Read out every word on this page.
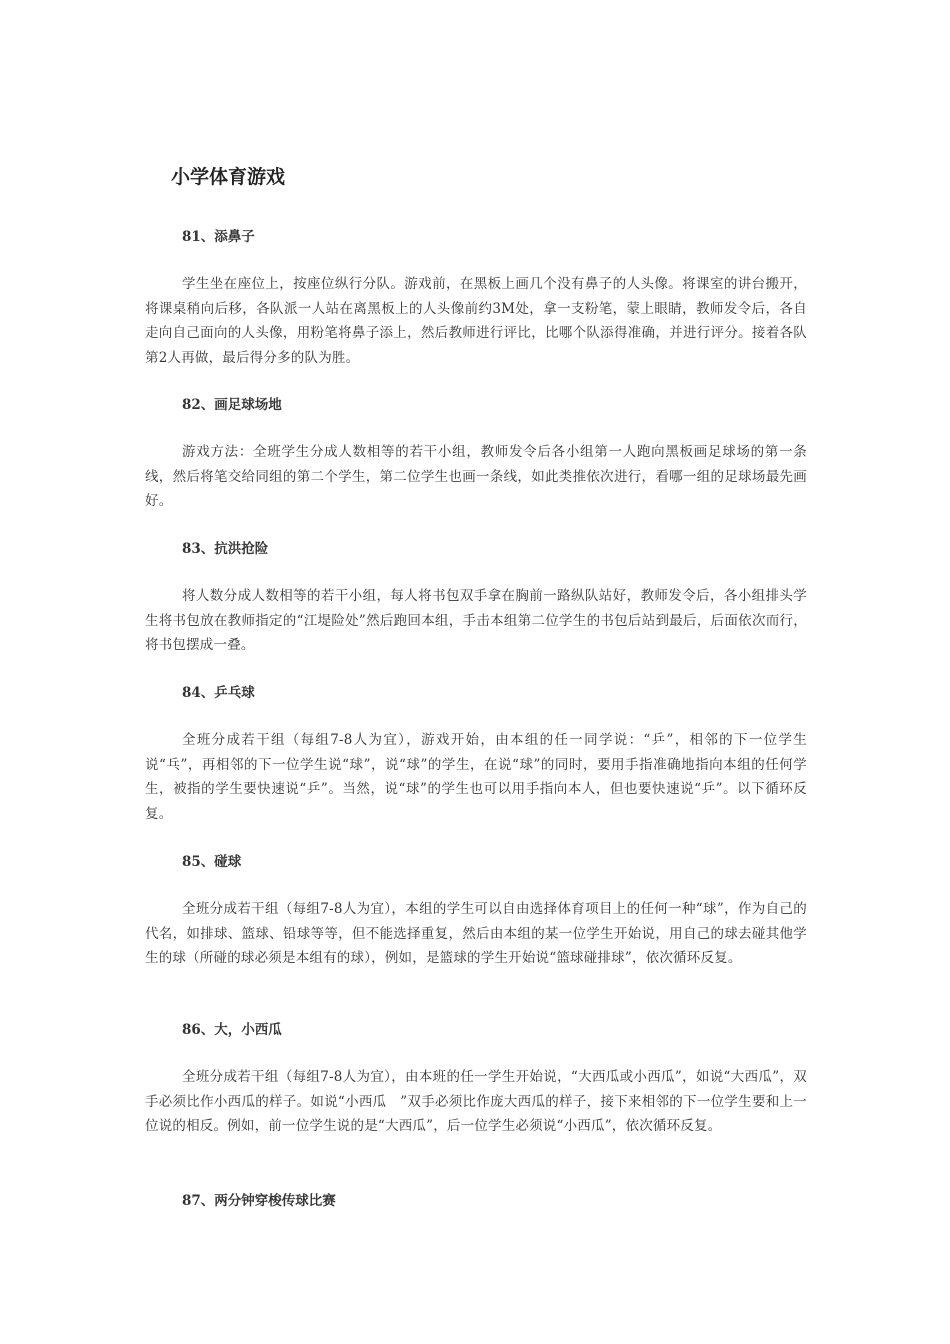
小学体育游戏
81、添鼻子

学生坐在座位上，按座位纵行分队。游戏前，在黑板上画几个没有鼻子的人头像。将课室的讲台搬开，将课桌稍向后移，各队派一人站在离黑板上的人头像前约3M处，拿一支粉笔，蒙上眼睛，教师发令后，各自走向自己面向的人头像，用粉笔将鼻子添上，然后教师进行评比，比哪个队添得准确，并进行评分。接着各队第2人再做，最后得分多的队为胜。

82、画足球场地

游戏方法：全班学生分成人数相等的若干小组，教师发令后各小组第一人跑向黑板画足球场的第一条线，然后将笔交给同组的第二个学生，第二位学生也画一条线，如此类推依次进行，看哪一组的足球场最先画好。

83、抗洪抢险

将人数分成人数相等的若干小组，每人将书包双手拿在胸前一路纵队站好，教师发令后，各小组排头学生将书包放在教师指定的“江堤险处”然后跑回本组，手击本组第二位学生的书包后站到最后，后面依次而行，将书包摆成一叠。

84、乒乓球

全班分成若干组（每组7-8人为宜），游戏开始，由本组的任一同学说：“乒”，相邻的下一位学生说“乓”，再相邻的下一位学生说“球”，说“球”的学生，在说“球”的同时，要用手指准确地指向本组的任何学生，被指的学生要快速说“乒”。当然，说“球”的学生也可以用手指向本人，但也要快速说“乒”。以下循环反复。

85、碰球

全班分成若干组（每组7-8人为宜），本组的学生可以自由选择体育项目上的任何一种“球”，作为自己的代名，如排球、篮球、铅球等等，但不能选择重复，然后由本组的某一位学生开始说，用自己的球去碰其他学生的球（所碰的球必须是本组有的球），例如，是篮球的学生开始说“篮球碰排球”，依次循环反复。

86、大，小西瓜

全班分成若干组（每组7-8人为宜），由本班的任一学生开始说，“大西瓜或小西瓜”，如说“大西瓜”，双手必须比作小西瓜的样子。如说“小西瓜　”双手必须比作庞大西瓜的样子，接下来相邻的下一位学生要和上一位说的相反。例如，前一位学生说的是“大西瓜”，后一位学生必须说“小西瓜”，依次循环反复。

87、两分钟穿梭传球比赛
